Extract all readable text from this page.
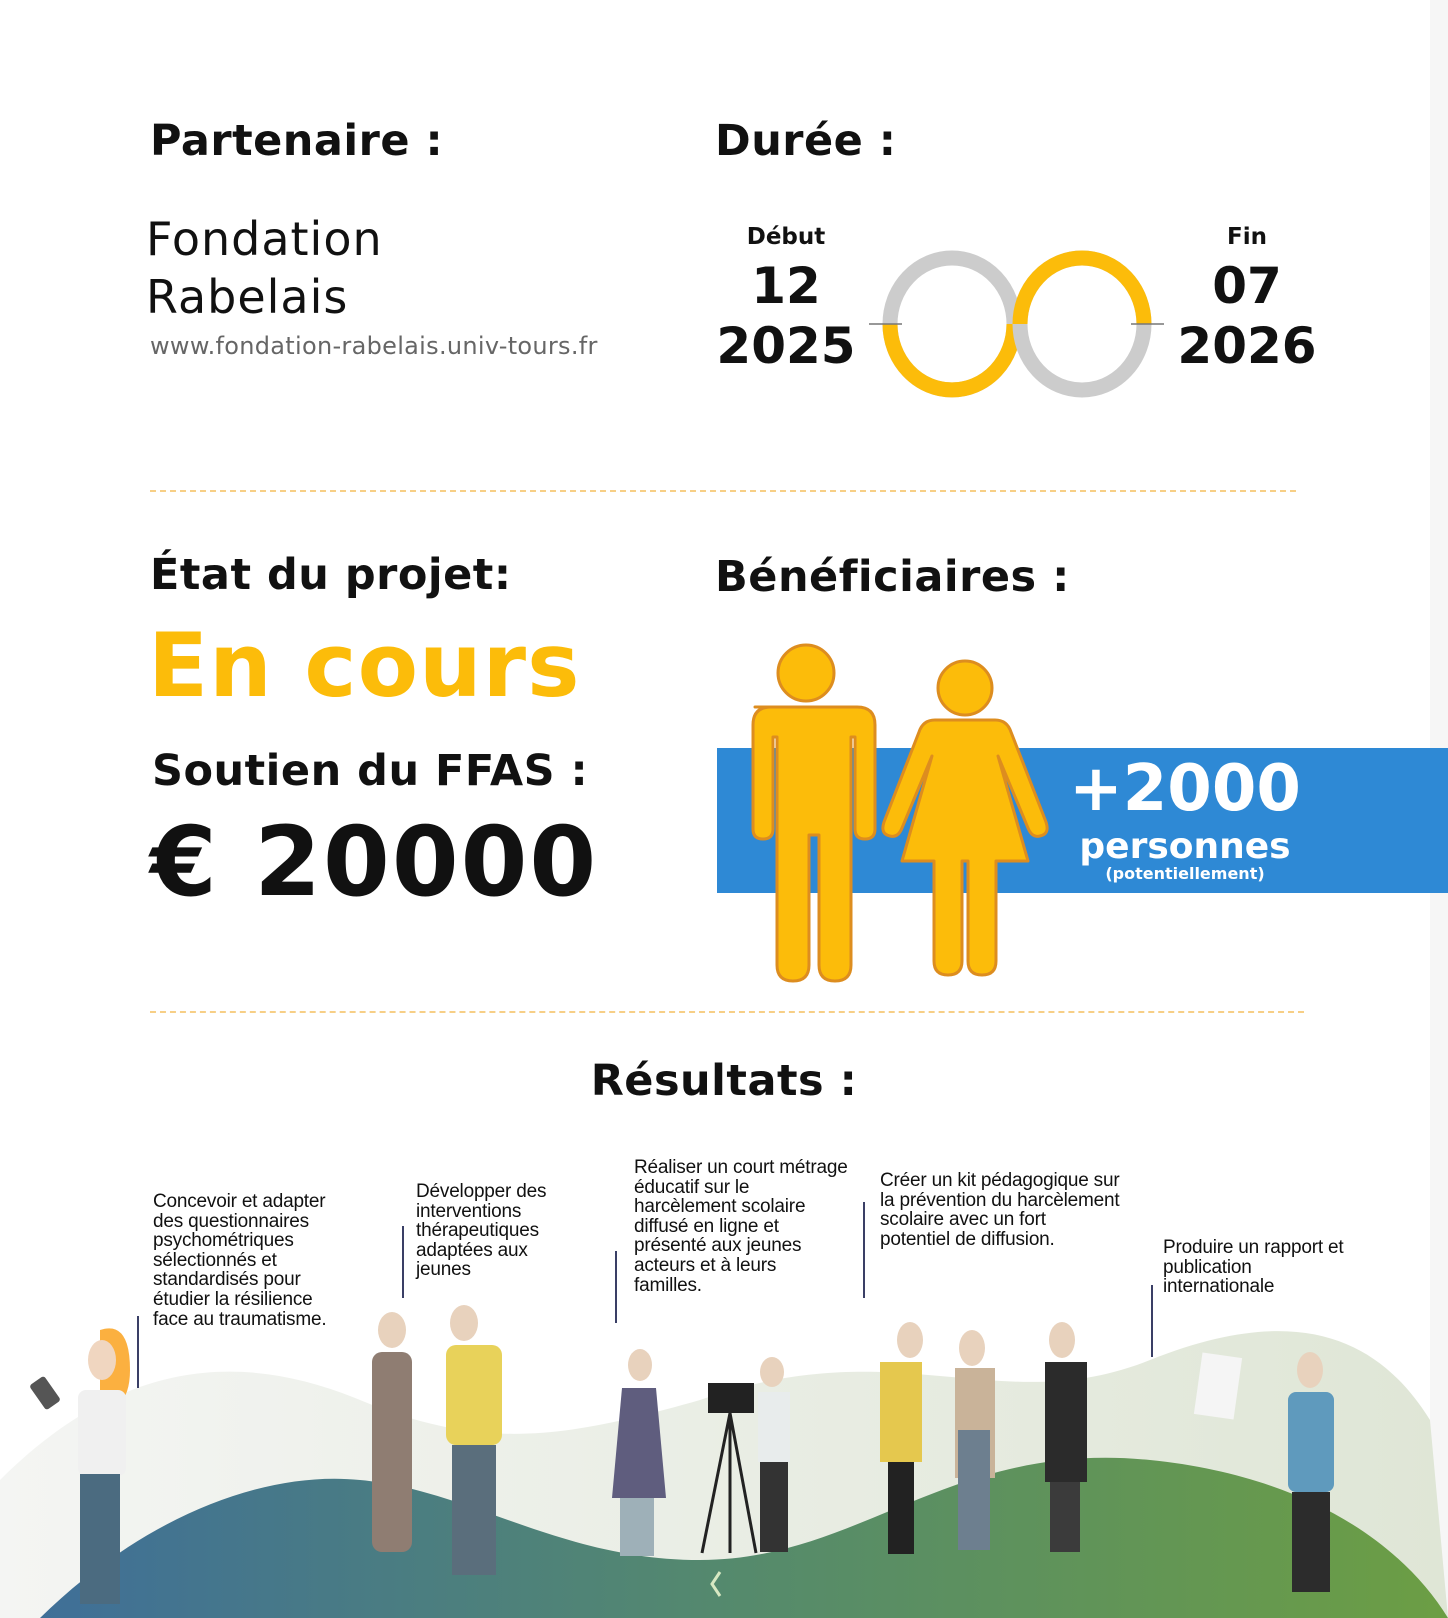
Partenaire :
Fondation
Rabelais
www.fondation-rabelais.univ-tours.fr
Durée :
Début
12
2025
Fin
07
2026
État du projet:
En cours
Soutien du FFAS :
€ 20000
Bénéficiaires :
+2000
personnes
(potentiellement)
Résultats :
Concevoir et adapter des questionnaires psychométriques sélectionnés et standardisés pour étudier la résilience face au traumatisme.
Développer des interventions thérapeutiques adaptées aux jeunes
Réaliser un court métrage éducatif sur le harcèlement scolaire diffusé en ligne et présenté aux jeunes acteurs et à leurs familles.
Créer un kit pédagogique sur la prévention du harcèlement scolaire avec un fort potentiel de diffusion.	Produire un rapport et publication internationale
